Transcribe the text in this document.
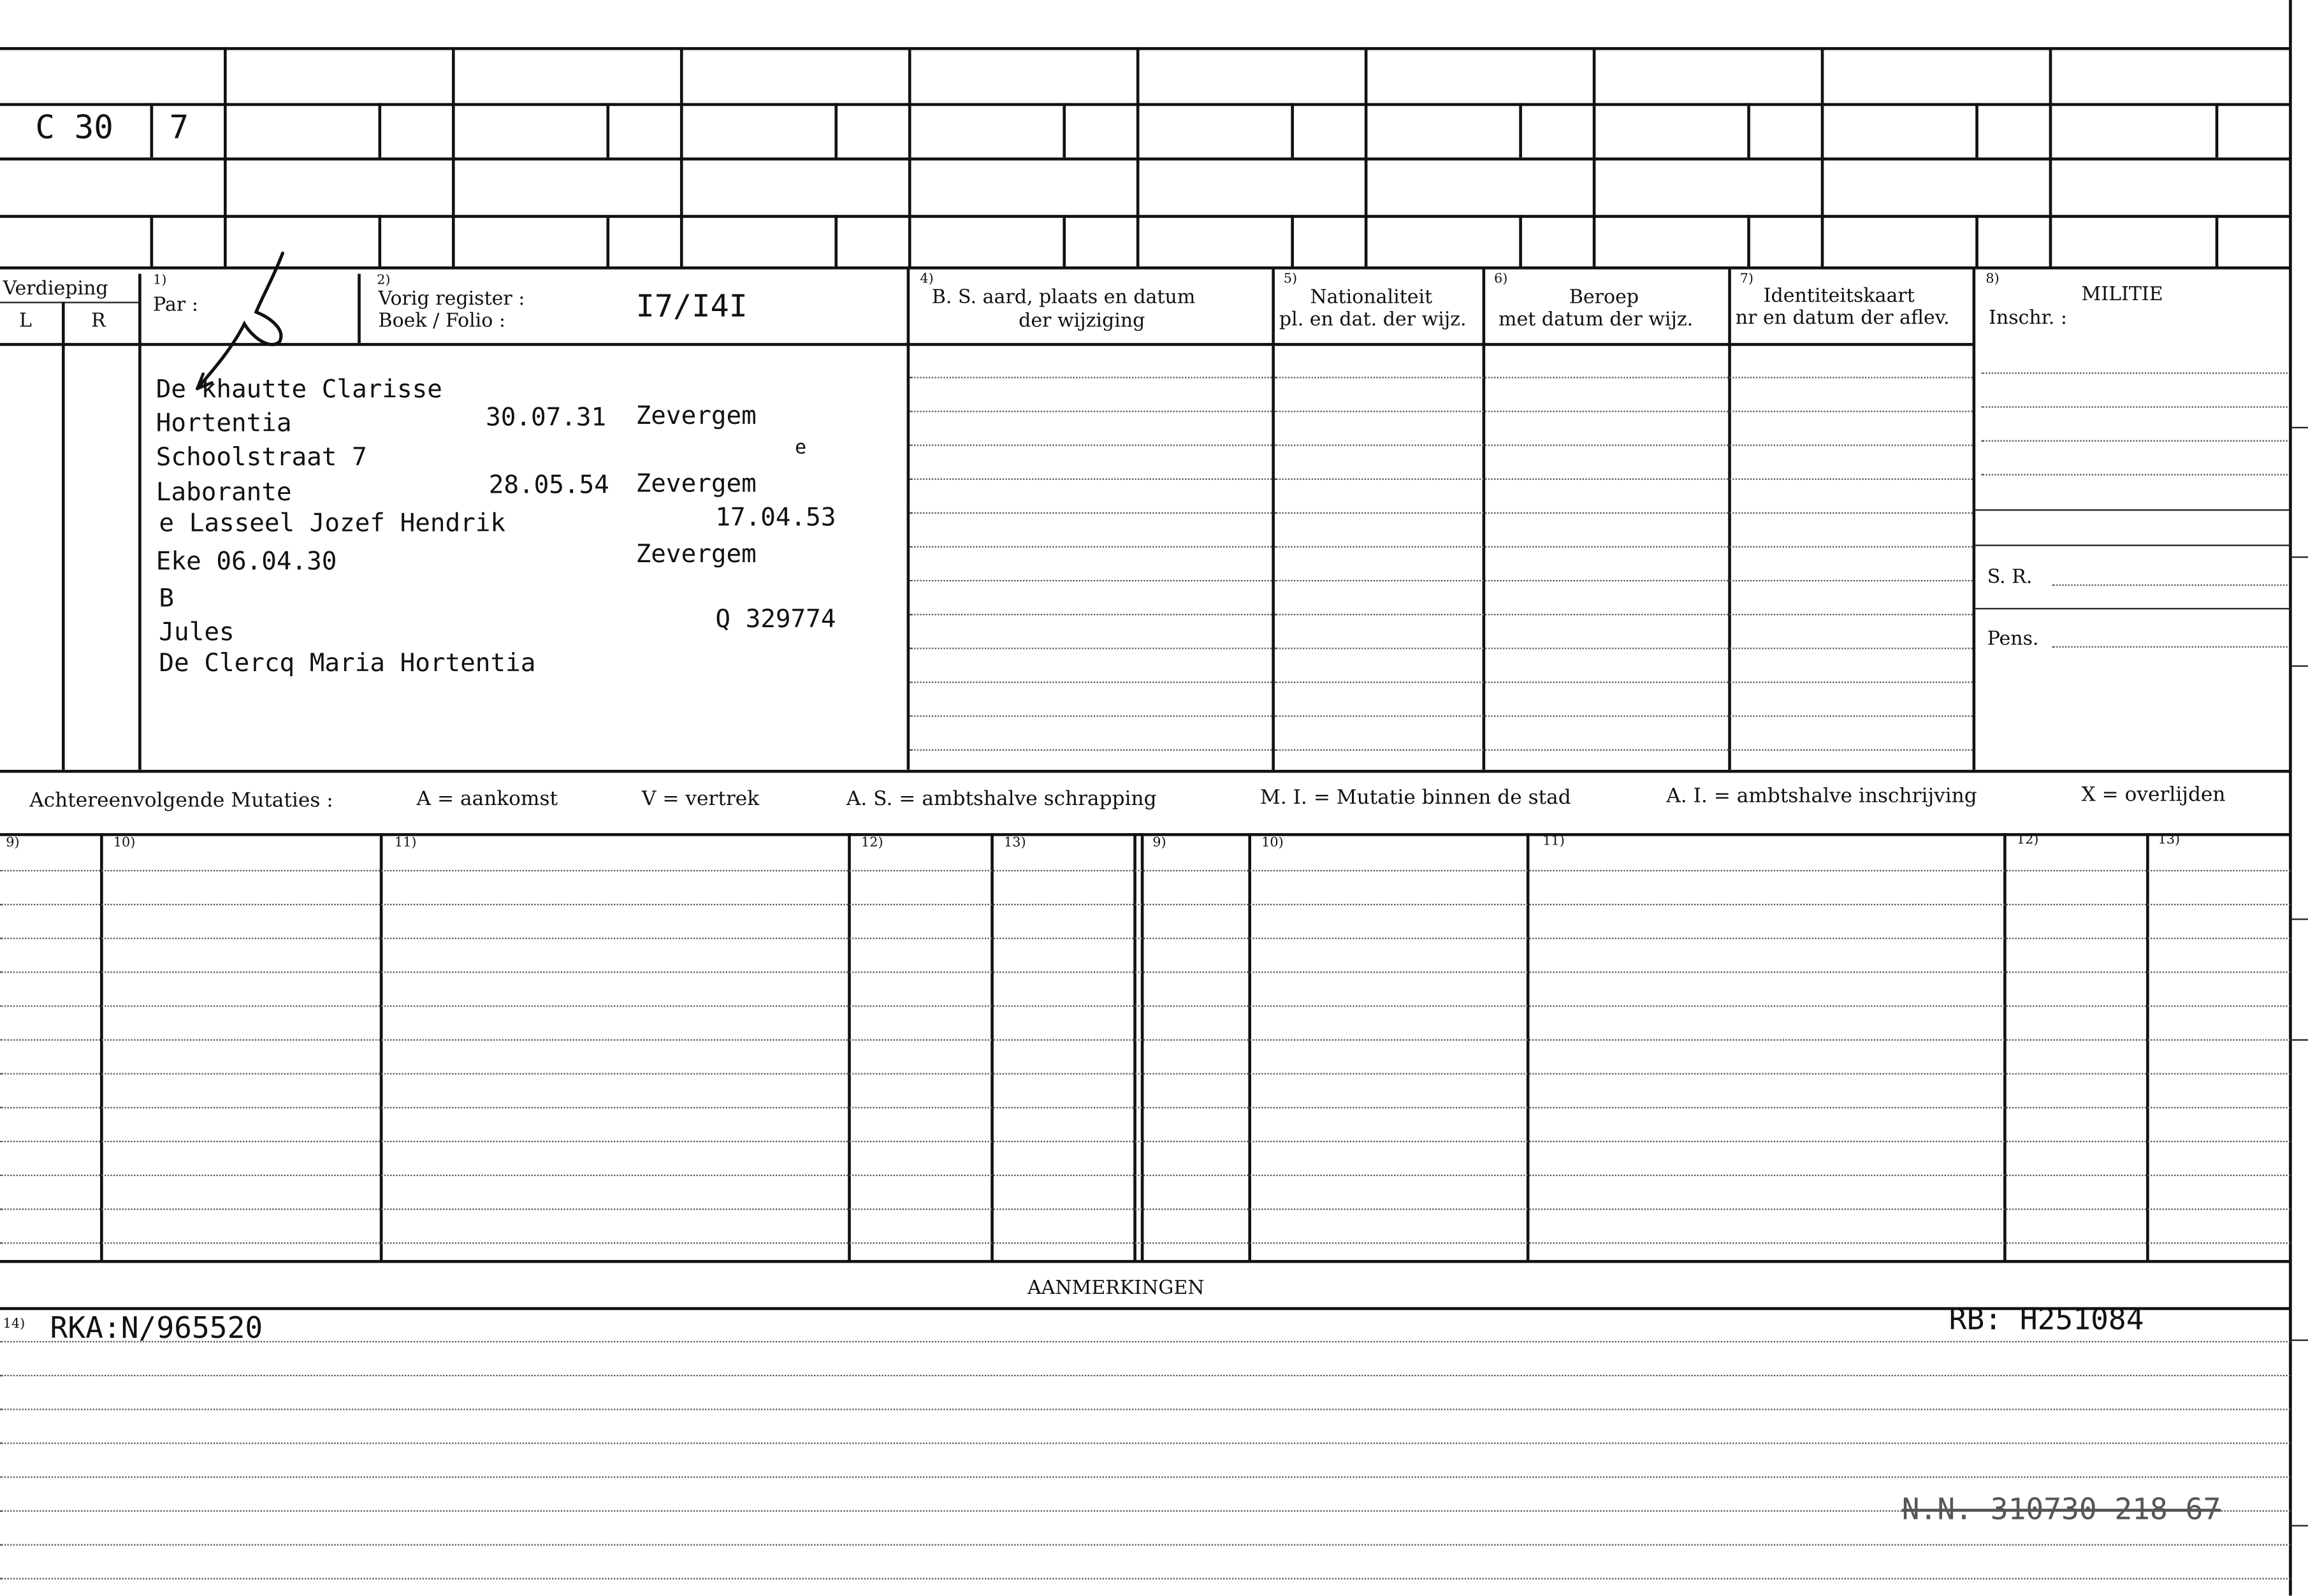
C 30	7
Verdieping
L	R
1)
Par :
2)
Vorig register :
Boek / Folio :	I7/I4I
4)
B. S. aard, plaats en datum
der wijziging
5)
Nationaliteit
pl. en dat. der wijz.
6)
Beroep
met datum der wijz.
7)
Identiteitskaart
nr en datum der aflev.
8)
MILITIE
Inschr. :
S. R.
Pens.
De khautte Clarisse
Hortentia	30.07.31	Zevergem
Schoolstraat 7	e
Laborante	28.05.54 Zevergem
e Lasseel Jozef Hendrik	17.04.53
Eke 06.04.30	Zevergem
B
Jules	Q 329774
De Clercq Maria Hortentia
Achtereenvolgende Mutaties :	A = aankomst	V = vertrek	A. S. = ambtshalve schrapping	M. I. = Mutatie binnen de stad	A. I. = ambtshalve inschrijving	X = overlijden
9)	10)	11)	12)	13)	9)	10)	11)	12)	13)
AANMERKINGEN
14) RKA:N/965520	RB: H251084
N.N. 310730 218 67
